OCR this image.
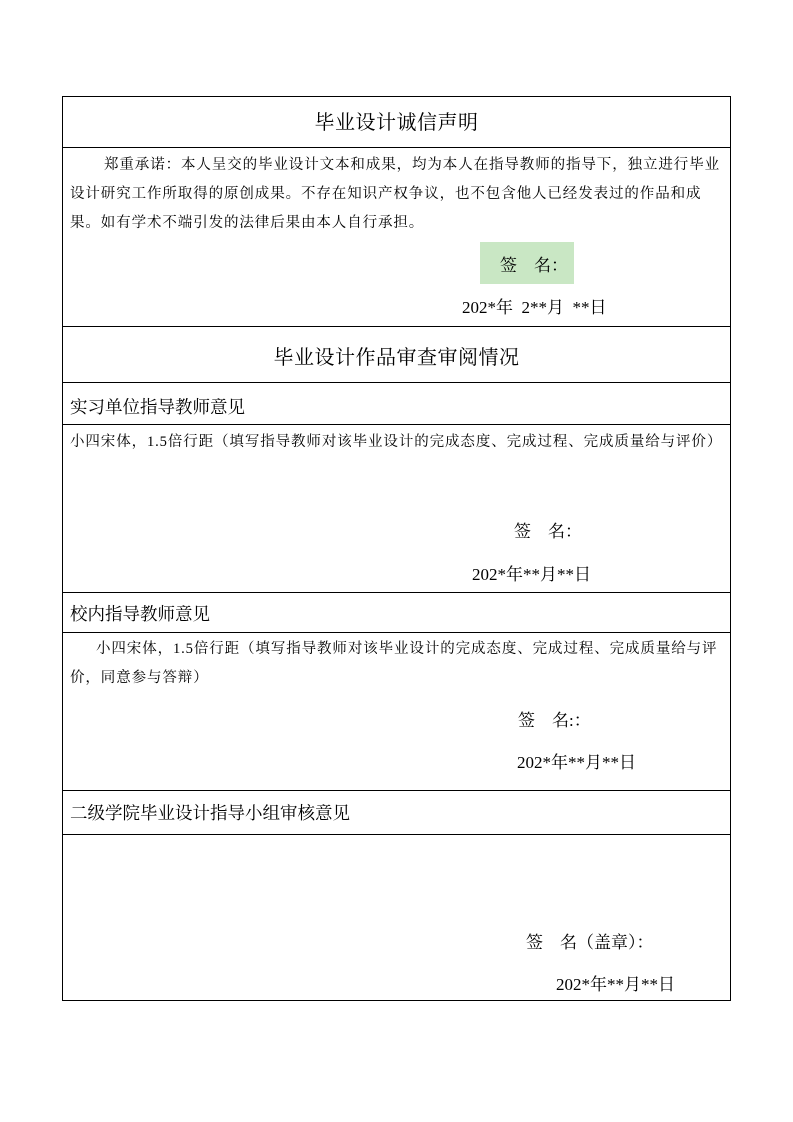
毕业设计诚信声明
郑重承诺：本人呈交的毕业设计文本和成果，均为本人在指导教师的指导下，独立进行毕业设计研究工作所取得的原创成果。不存在知识产权争议，也不包含他人已经发表过的作品和成果。如有学术不端引发的法律后果由本人自行承担。
签　名：
202*年  2**月  **日
毕业设计作品审查审阅情况
实习单位指导教师意见
小四宋体，1.5倍行距（填写指导教师对该毕业设计的完成态度、完成过程、完成质量给与评价）
签　名：
202*年**月**日
校内指导教师意见
小四宋体，1.5倍行距（填写指导教师对该毕业设计的完成态度、完成过程、完成质量给与评价，同意参与答辩）
签　名:：
202*年**月**日
二级学院毕业设计指导小组审核意见
签　名（盖章）：
202*年**月**日
